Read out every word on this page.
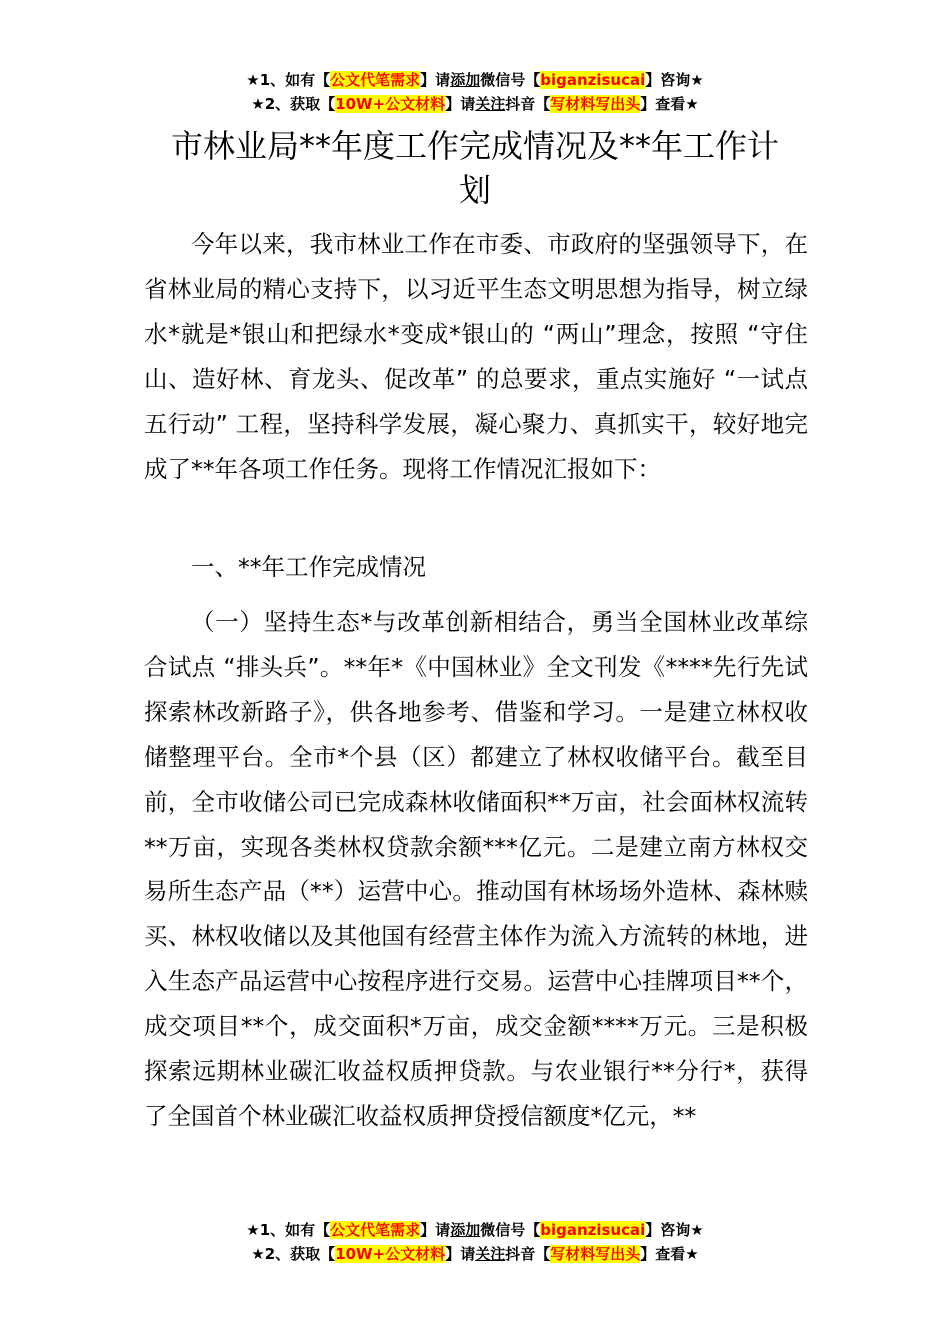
★1、如有【公文代笔需求】请添加微信号【biganzisucai】咨询★
★2、获取【10W+公文材料】请关注抖音【写材料写出头】查看★
市林业局**年度工作完成情况及**年工作计
划
今年以来，我市林业工作在市委、市政府的坚强领导下，在省林业局的精心支持下，以习近平生态文明思想为指导，树立绿水*就是*银山和把绿水*变成*银山的 “两山”理念，按照 “守住山、造好林、育龙头、促改革” 的总要求，重点实施好 “一试点五行动” 工程，坚持科学发展，凝心聚力、真抓实干，较好地完成了**年各项工作任务。现将工作情况汇报如下：
一、**年工作完成情况
（一）坚持生态*与改革创新相结合，勇当全国林业改革综合试点 “排头兵”。**年*《中国林业》全文刊发《****先行先试探索林改新路子》，供各地参考、借鉴和学习。一是建立林权收储整理平台。全市*个县（区）都建立了林权收储平台。截至目前，全市收储公司已完成森林收储面积**万亩，社会面林权流转**万亩，实现各类林权贷款余额***亿元。二是建立南方林权交易所生态产品（**）运营中心。推动国有林场场外造林、森林赎买、林权收储以及其他国有经营主体作为流入方流转的林地，进入生态产品运营中心按程序进行交易。运营中心挂牌项目**个，成交项目**个，成交面积*万亩，成交金额****万元。三是积极探索远期林业碳汇收益权质押贷款。与农业银行**分行*，获得了全国首个林业碳汇收益权质押贷授信额度*亿元，**
★1、如有【公文代笔需求】请添加微信号【biganzisucai】咨询★
★2、获取【10W+公文材料】请关注抖音【写材料写出头】查看★
